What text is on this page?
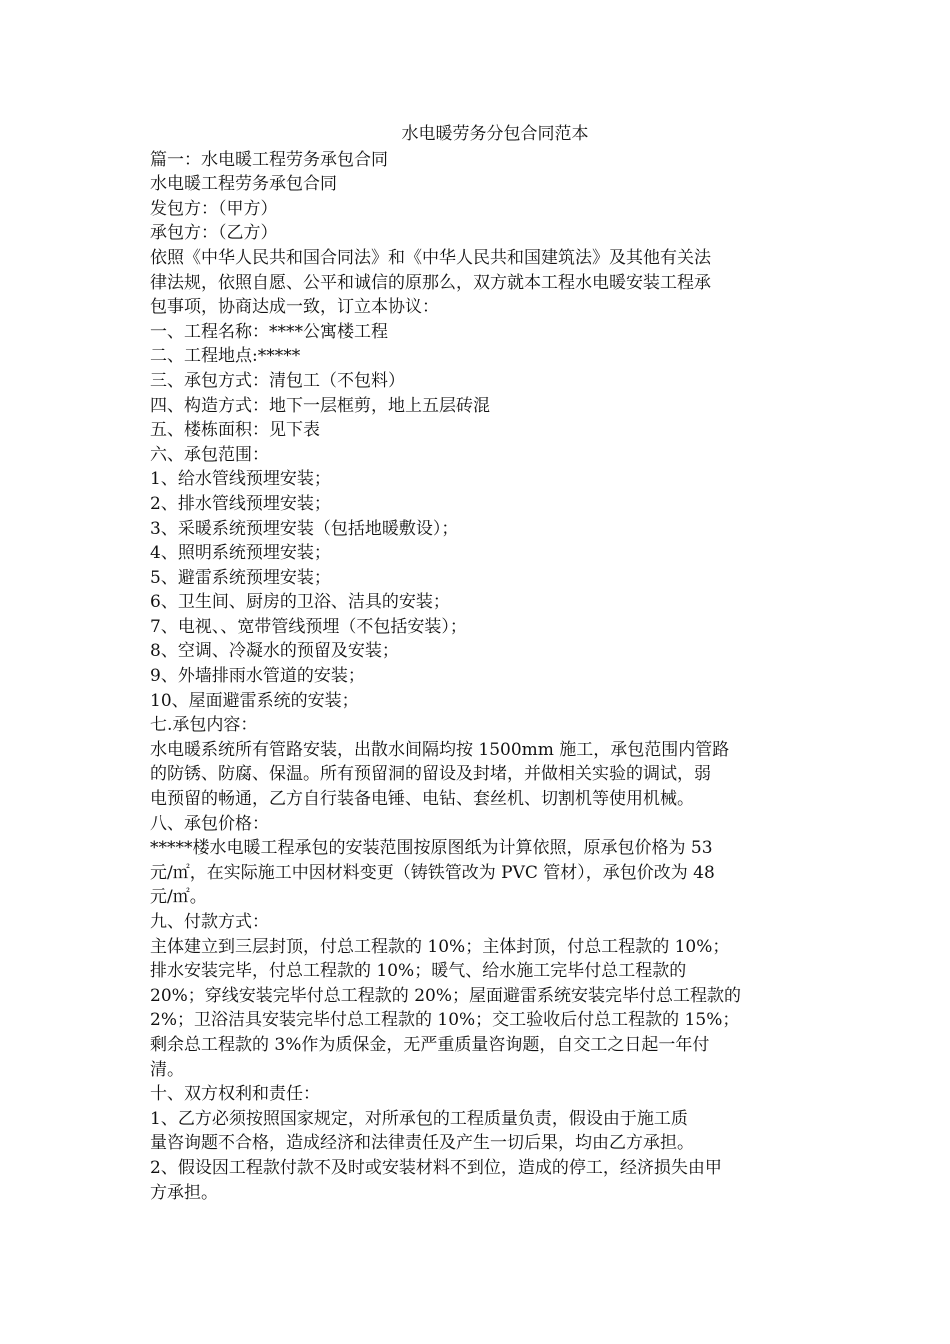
水电暖劳务分包合同范本

篇一：水电暖工程劳务承包合同

水电暖工程劳务承包合同

发包方：（甲方）

承包方：（乙方）

依照《中华人民共和国合同法》和《中华人民共和国建筑法》及其他有关法
律法规，依照自愿、公平和诚信的原那么，双方就本工程水电暖安装工程承
包事项，协商达成一致，订立本协议：

一、工程名称：****公寓楼工程

二、工程地点:*****

三、承包方式：清包工（不包料）

四、构造方式：地下一层框剪，地上五层砖混

五、楼栋面积：见下表

六、承包范围：

1、给水管线预埋安装；

2、排水管线预埋安装；

3、采暖系统预埋安装（包括地暖敷设）；

4、照明系统预埋安装；

5、避雷系统预埋安装；

6、卫生间、厨房的卫浴、洁具的安装；

7、电视、、宽带管线预埋（不包括安装）；

8、空调、冷凝水的预留及安装；

9、外墙排雨水管道的安装；

10、屋面避雷系统的安装；

七.承包内容：

水电暖系统所有管路安装，出散水间隔均按 1500mm 施工，承包范围内管路
的防锈、防腐、保温。所有预留洞的留设及封堵，并做相关实验的调试，弱
电预留的畅通，乙方自行装备电锤、电钻、套丝机、切割机等使用机械。

八、承包价格：

*****楼水电暖工程承包的安装范围按原图纸为计算依照，原承包价格为 53
元/㎡，在实际施工中因材料变更（铸铁管改为 PVC 管材），承包价改为 48
元/㎡。

九、付款方式：

主体建立到三层封顶，付总工程款的 10%；主体封顶，付总工程款的 10%；
排水安装完毕，付总工程款的 10%；暖气、给水施工完毕付总工程款的
20%；穿线安装完毕付总工程款的 20%；屋面避雷系统安装完毕付总工程款的
2%；卫浴洁具安装完毕付总工程款的 10%；交工验收后付总工程款的 15%；
剩余总工程款的 3%作为质保金，无严重质量咨询题，自交工之日起一年付
清。

十、双方权利和责任：

1、乙方必须按照国家规定，对所承包的工程质量负责，假设由于施工质
量咨询题不合格，造成经济和法律责任及产生一切后果，均由乙方承担。
2、假设因工程款付款不及时或安装材料不到位，造成的停工，经济损失由甲
方承担。
